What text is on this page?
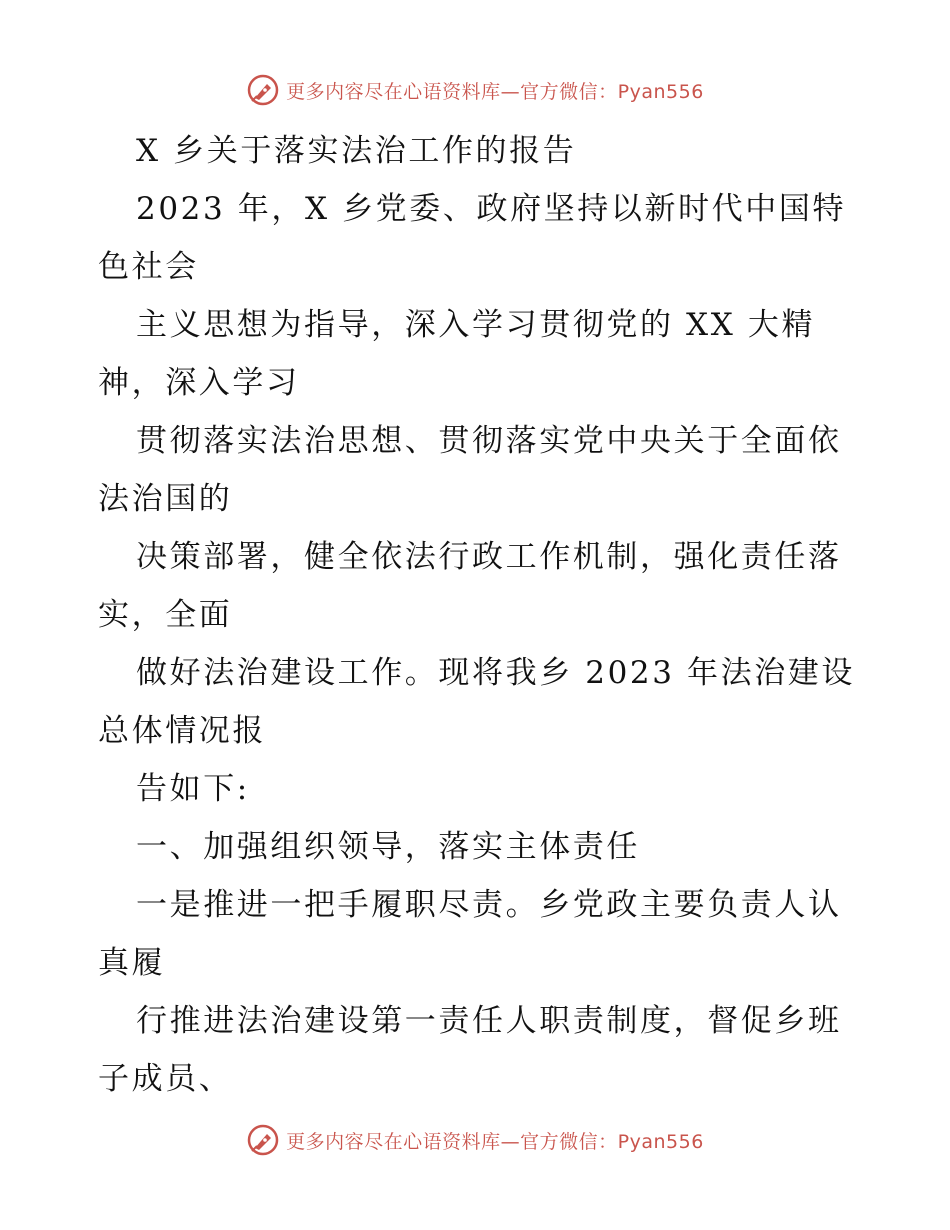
更多内容尽在心语资料库—官方微信：Pyan556
X 乡关于落实法治工作的报告
2023 年，X 乡党委、政府坚持以新时代中国特
色社会
主义思想为指导，深入学习贯彻党的 XX 大精
神，深入学习
贯彻落实法治思想、贯彻落实党中央关于全面依
法治国的
决策部署，健全依法行政工作机制，强化责任落
实，全面
做好法治建设工作。现将我乡 2023 年法治建设
总体情况报
告如下:
一、加强组织领导，落实主体责任
一是推进一把手履职尽责。乡党政主要负责人认
真履
行推进法治建设第一责任人职责制度，督促乡班
子成员、
更多内容尽在心语资料库—官方微信：Pyan556
